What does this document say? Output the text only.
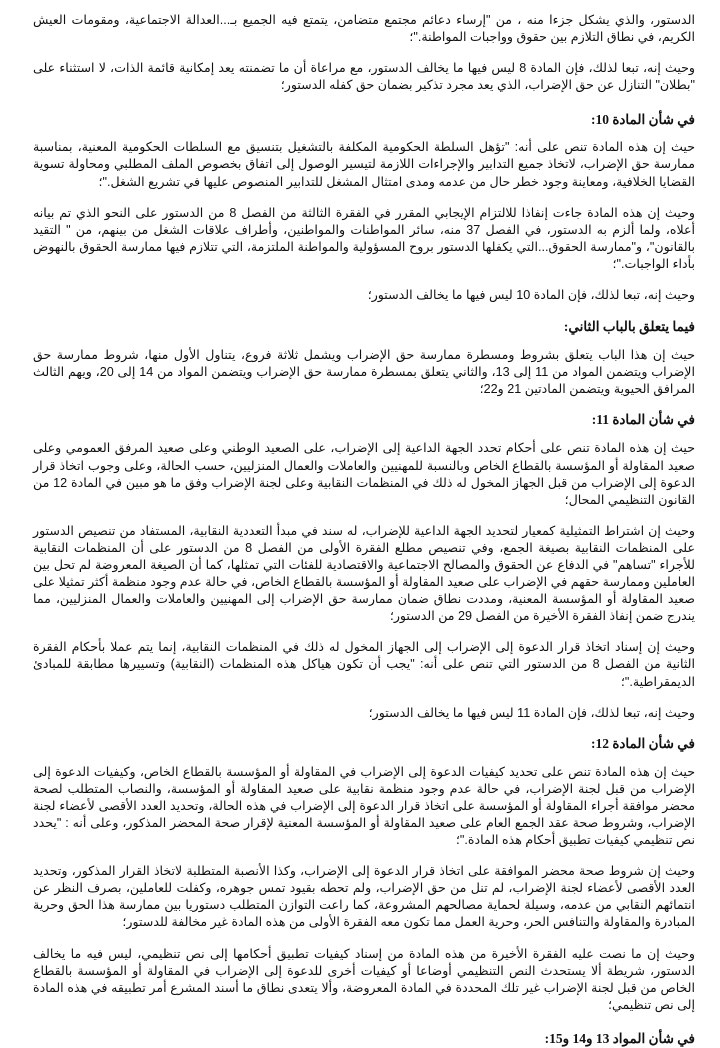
الدستور، والذي يشكل جزءا منه ، من "إرساء دعائم مجتمع متضامن، يتمتع فيه الجميع بـ...العدالة الاجتماعية، ومقومات العيش الكريم، في نطاق التلازم بين حقوق وواجبات المواطنة."؛

وحيث إنه، تبعا لذلك، فإن المادة 8 ليس فيها ما يخالف الدستور، مع مراعاة أن ما تضمنته يعد إمكانية قائمة الذات، لا استثناء على "بطلان" التنازل عن حق الإضراب، الذي يعد مجرد تذكير بضمان حق كفله الدستور؛

في شأن المادة 10:

حيث إن هذه المادة تنص على أنه: "تؤهل السلطة الحكومية المكلفة بالتشغيل بتنسيق مع السلطات الحكومية المعنية، بمناسبة ممارسة حق الإضراب، لاتخاذ جميع التدابير والإجراءات اللازمة لتيسير الوصول إلى اتفاق بخصوص الملف المطلبي ومحاولة تسوية القضايا الخلافية، ومعاينة وجود خطر حال من عدمه ومدى امتثال المشغل للتدابير المنصوص عليها في تشريع الشغل."؛

وحيث إن هذه المادة جاءت إنفاذا للالتزام الإيجابي المقرر في الفقرة الثالثة من الفصل 8 من الدستور على النحو الذي تم بيانه أعلاه، ولما ألزم به الدستور، في الفصل 37 منه، سائر المواطنات والمواطنين، وأطراف علاقات الشغل من بينهم، من " التقيد بالقانون"، و"ممارسة الحقوق...التي يكفلها الدستور بروح المسؤولية والمواطنة الملتزمة، التي تتلازم فيها ممارسة الحقوق بالنهوض بأداء الواجبات."؛

وحيث إنه، تبعا لذلك، فإن المادة 10 ليس فيها ما يخالف الدستور؛

فيما يتعلق بالباب الثاني:

حيث إن هذا الباب يتعلق بشروط ومسطرة ممارسة حق الإضراب ويشمل ثلاثة فروع، يتناول الأول منها، شروط ممارسة حق الإضراب ويتضمن المواد من 11 إلى 13، والثاني يتعلق بمسطرة ممارسة حق الإضراب ويتضمن المواد من 14 إلى 20، ويهم الثالث المرافق الحيوية ويتضمن المادتين 21 و22؛

في شأن المادة 11:

حيث إن هذه المادة تنص على أحكام تحدد الجهة الداعية إلى الإضراب، على الصعيد الوطني وعلى صعيد المرفق العمومي وعلى صعيد المقاولة أو المؤسسة بالقطاع الخاص وبالنسبة للمهنيين والعاملات والعمال المنزليين، حسب الحالة، وعلى وجوب اتخاذ قرار الدعوة إلى الإضراب من قبل الجهاز المخول له ذلك في المنظمات النقابية وعلى لجنة الإضراب وفق ما هو مبين في المادة 12 من القانون التنظيمي المحال؛

وحيث إن اشتراط التمثيلية كمعيار لتحديد الجهة الداعية للإضراب، له سند في مبدأ التعددية النقابية، المستفاد من تنصيص الدستور على المنظمات النقابية بصيغة الجمع، وفي تنصيص مطلع الفقرة الأولى من الفصل 8 من الدستور على أن المنظمات النقابية للأجراء "تساهم" في الدفاع عن الحقوق والمصالح الاجتماعية والاقتصادية للفئات التي تمثلها، كما أن الصيغة المعروضة لم تحل بين العاملين وممارسة حقهم في الإضراب على صعيد المقاولة أو المؤسسة بالقطاع الخاص، في حالة عدم وجود منظمة أكثر تمثيلا على صعيد المقاولة أو المؤسسة المعنية، ومددت نطاق ضمان ممارسة حق الإضراب إلى المهنيين والعاملات والعمال المنزليين، مما يندرج ضمن إنفاذ الفقرة الأخيرة من الفصل 29 من الدستور؛

وحيث إن إسناد اتخاذ قرار الدعوة إلى الإضراب إلى الجهاز المخول له ذلك في المنظمات النقابية، إنما يتم عملا بأحكام الفقرة الثانية من الفصل 8 من الدستور التي تنص على أنه: "يجب أن تكون هياكل هذه المنظمات (النقابية) وتسييرها مطابقة للمبادئ الديمقراطية."؛

وحيث إنه، تبعا لذلك، فإن المادة 11 ليس فيها ما يخالف الدستور؛

في شأن المادة 12:

حيث إن هذه المادة تنص على تحديد كيفيات الدعوة إلى الإضراب في المقاولة أو المؤسسة بالقطاع الخاص، وكيفيات الدعوة إلى الإضراب من قبل لجنة الإضراب، في حالة عدم وجود منظمة نقابية على صعيد المقاولة أو المؤسسة، والنصاب المتطلب لصحة محضر موافقة أجراء المقاولة أو المؤسسة على اتخاذ قرار الدعوة إلى الإضراب في هذه الحالة، وتحديد العدد الأقصى لأعضاء لجنة الإضراب، وشروط صحة عقد الجمع العام على صعيد المقاولة أو المؤسسة المعنية لإقرار صحة المحضر المذكور، وعلى أنه : "يحدد نص تنظيمي كيفيات تطبيق أحكام هذه المادة."؛

وحيث إن شروط صحة محضر الموافقة على اتخاذ قرار الدعوة إلى الإضراب، وكذا الأنصبة المتطلبة لاتخاذ القرار المذكور، وتحديد العدد الأقصى لأعضاء لجنة الإضراب، لم تنل من حق الإضراب، ولم تحطه بقيود تمس جوهره، وكفلت للعاملين، بصرف النظر عن انتمائهم النقابي من عدمه، وسيلة لحماية مصالحهم المشروعة، كما راعت التوازن المتطلب دستوريا بين ممارسة هذا الحق وحرية المبادرة والمقاولة والتنافس الحر، وحرية العمل مما تكون معه الفقرة الأولى من هذه المادة غير مخالفة للدستور؛

وحيث إن ما نصت عليه الفقرة الأخيرة من هذه المادة من إسناد كيفيات تطبيق أحكامها إلى نص تنظيمي، ليس فيه ما يخالف الدستور، شريطة ألا يستحدث النص التنظيمي أوضاعا أو كيفيات أخرى للدعوة إلى الإضراب في المقاولة أو المؤسسة بالقطاع الخاص من قبل لجنة الإضراب غير تلك المحددة في المادة المعروضة، وألا يتعدى نطاق ما أسند المشرع أمر تطبيقه في هذه المادة إلى نص تنظيمي؛

في شأن المواد 13 و14 و15:
